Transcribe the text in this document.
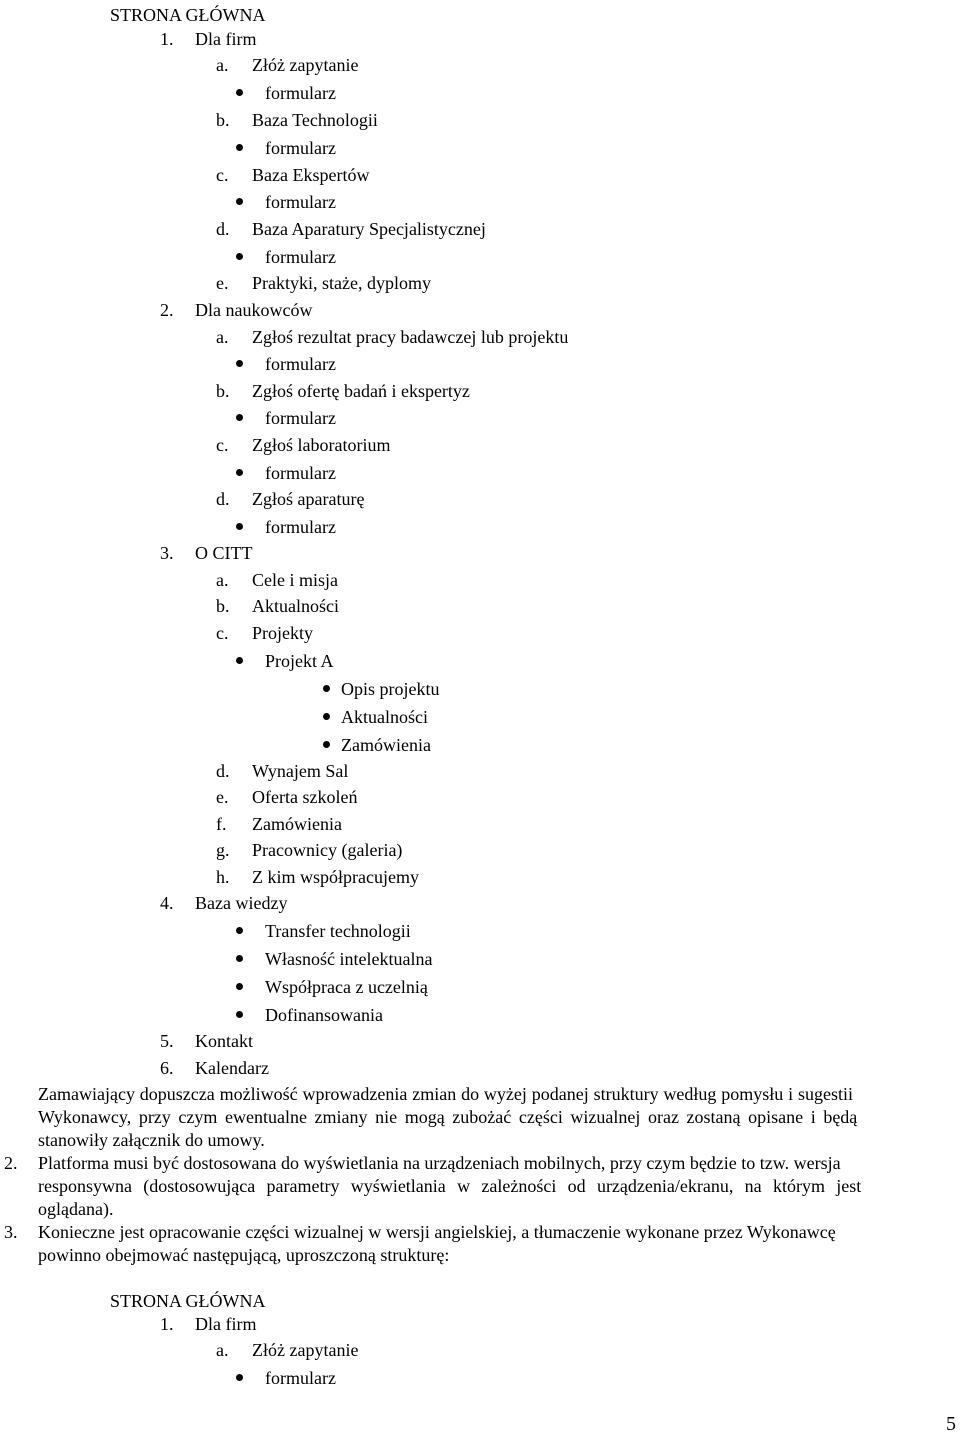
STRONA GŁÓWNA
1. Dla firm
a. Złóż zapytanie
formularz
b. Baza Technologii
formularz
c. Baza Ekspertów
formularz
d. Baza Aparatury Specjalistycznej
formularz
e. Praktyki, staże, dyplomy
2. Dla naukowców
a. Zgłoś rezultat pracy badawczej lub projektu
formularz
b. Zgłoś ofertę badań i ekspertyz
formularz
c. Zgłoś laboratorium
formularz
d. Zgłoś aparaturę
formularz
3. O CITT
a. Cele i misja
b. Aktualności
c. Projekty
Projekt A
Opis projektu
Aktualności
Zamówienia
d. Wynajem Sal
e. Oferta szkoleń
f. Zamówienia
g. Pracownicy (galeria)
h. Z kim współpracujemy
4. Baza wiedzy
Transfer technologii
Własność intelektualna
Współpraca z uczelnią
Dofinansowania
5. Kontakt
6. Kalendarz
Zamawiający dopuszcza możliwość wprowadzenia zmian do wyżej podanej struktury według pomysłu i sugestii
Wykonawcy, przy czym ewentualne zmiany nie mogą zubożać części wizualnej oraz zostaną opisane i będą
stanowiły załącznik do umowy.
2. Platforma musi być dostosowana do wyświetlania na urządzeniach mobilnych, przy czym będzie to tzw. wersja
responsywna (dostosowująca parametry wyświetlania w zależności od urządzenia/ekranu, na którym jest
oglądana).
3. Konieczne jest opracowanie części wizualnej w wersji angielskiej, a tłumaczenie wykonane przez Wykonawcę
powinno obejmować następującą, uproszczoną strukturę:
STRONA GŁÓWNA
1. Dla firm
a. Złóż zapytanie
formularz
5
